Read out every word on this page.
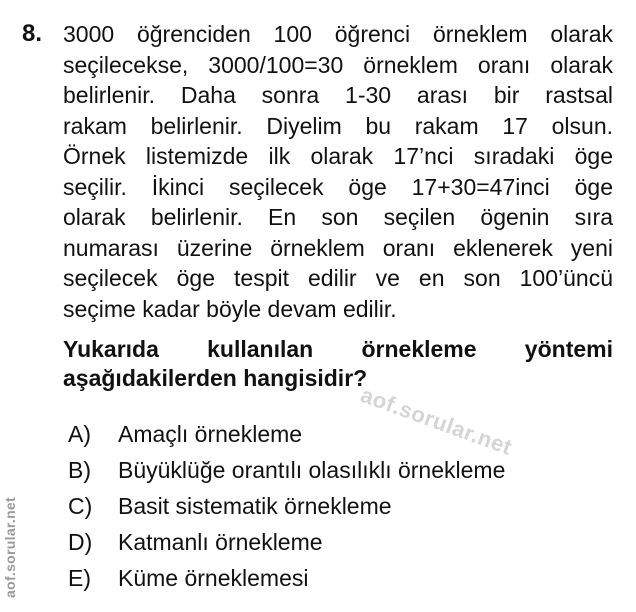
8. 3000 öğrenciden 100 öğrenci örneklem olarak
seçilecekse, 3000/100=30 örneklem oranı olarak
belirlenir. Daha sonra 1-30 arası bir rastsal
rakam belirlenir. Diyelim bu rakam 17 olsun.
Örnek listemizde ilk olarak 17’nci sıradaki öge
seçilir. İkinci seçilecek öge 17+30=47inci öge
olarak belirlenir. En son seçilen ögenin sıra
numarası üzerine örneklem oranı eklenerek yeni
seçilecek öge tespit edilir ve en son 100’üncü
seçime kadar böyle devam edilir.
Yukarıda kullanılan örnekleme yöntemi
aşağıdakilerden hangisidir?
A)	Amaçlı örnekleme
B)	Büyüklüğe orantılı olasılıklı örnekleme
C)	Basit sistematik örnekleme
D)	Katmanlı örnekleme
E)	Küme örneklemesi
aof.sorular.net
aof.sorular.net
